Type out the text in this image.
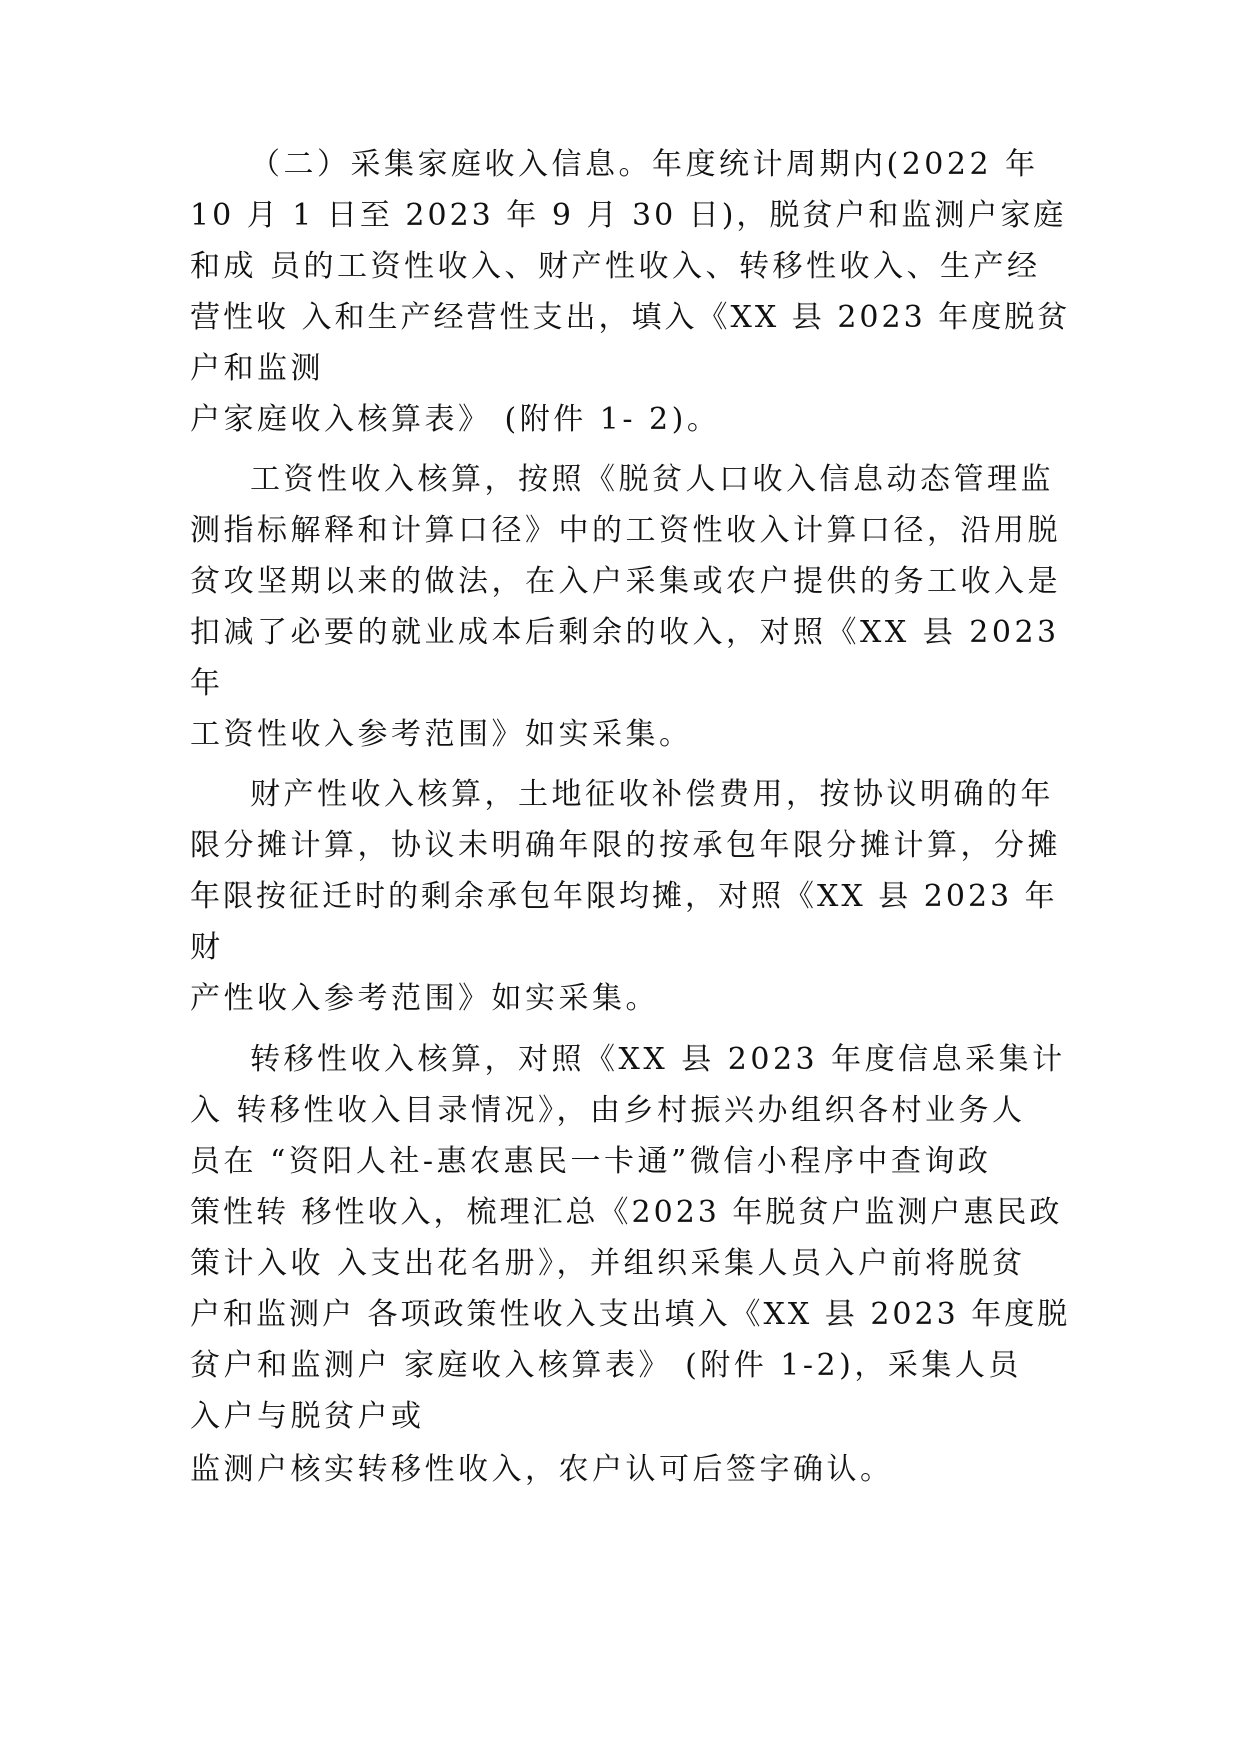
（二）采集家庭收入信息。年度统计周期内(2022 年
10 月 1 日至 2023 年 9 月 30 日)，脱贫户和监测户家庭
和成 员的工资性收入、财产性收入、转移性收入、生产经
营性收 入和生产经营性支出，填入《XX 县 2023 年度脱贫
户和监测
户家庭收入核算表》 (附件 1- 2)。
工资性收入核算，按照《脱贫人口收入信息动态管理监
测指标解释和计算口径》中的工资性收入计算口径，沿用脱
贫攻坚期以来的做法，在入户采集或农户提供的务工收入是
扣减了必要的就业成本后剩余的收入，对照《XX 县 2023
年
工资性收入参考范围》如实采集。
财产性收入核算，土地征收补偿费用，按协议明确的年
限分摊计算，协议未明确年限的按承包年限分摊计算，分摊
年限按征迁时的剩余承包年限均摊，对照《XX 县 2023 年
财
产性收入参考范围》如实采集。
转移性收入核算，对照《XX 县 2023 年度信息采集计
入 转移性收入目录情况》，由乡村振兴办组织各村业务人
员在 “资阳人社-惠农惠民一卡通”微信小程序中查询政
策性转 移性收入，梳理汇总《2023 年脱贫户监测户惠民政
策计入收 入支出花名册》，并组织采集人员入户前将脱贫
户和监测户 各项政策性收入支出填入《XX 县 2023 年度脱
贫户和监测户 家庭收入核算表》 (附件 1-2)，采集人员
入户与脱贫户或
监测户核实转移性收入，农户认可后签字确认。
